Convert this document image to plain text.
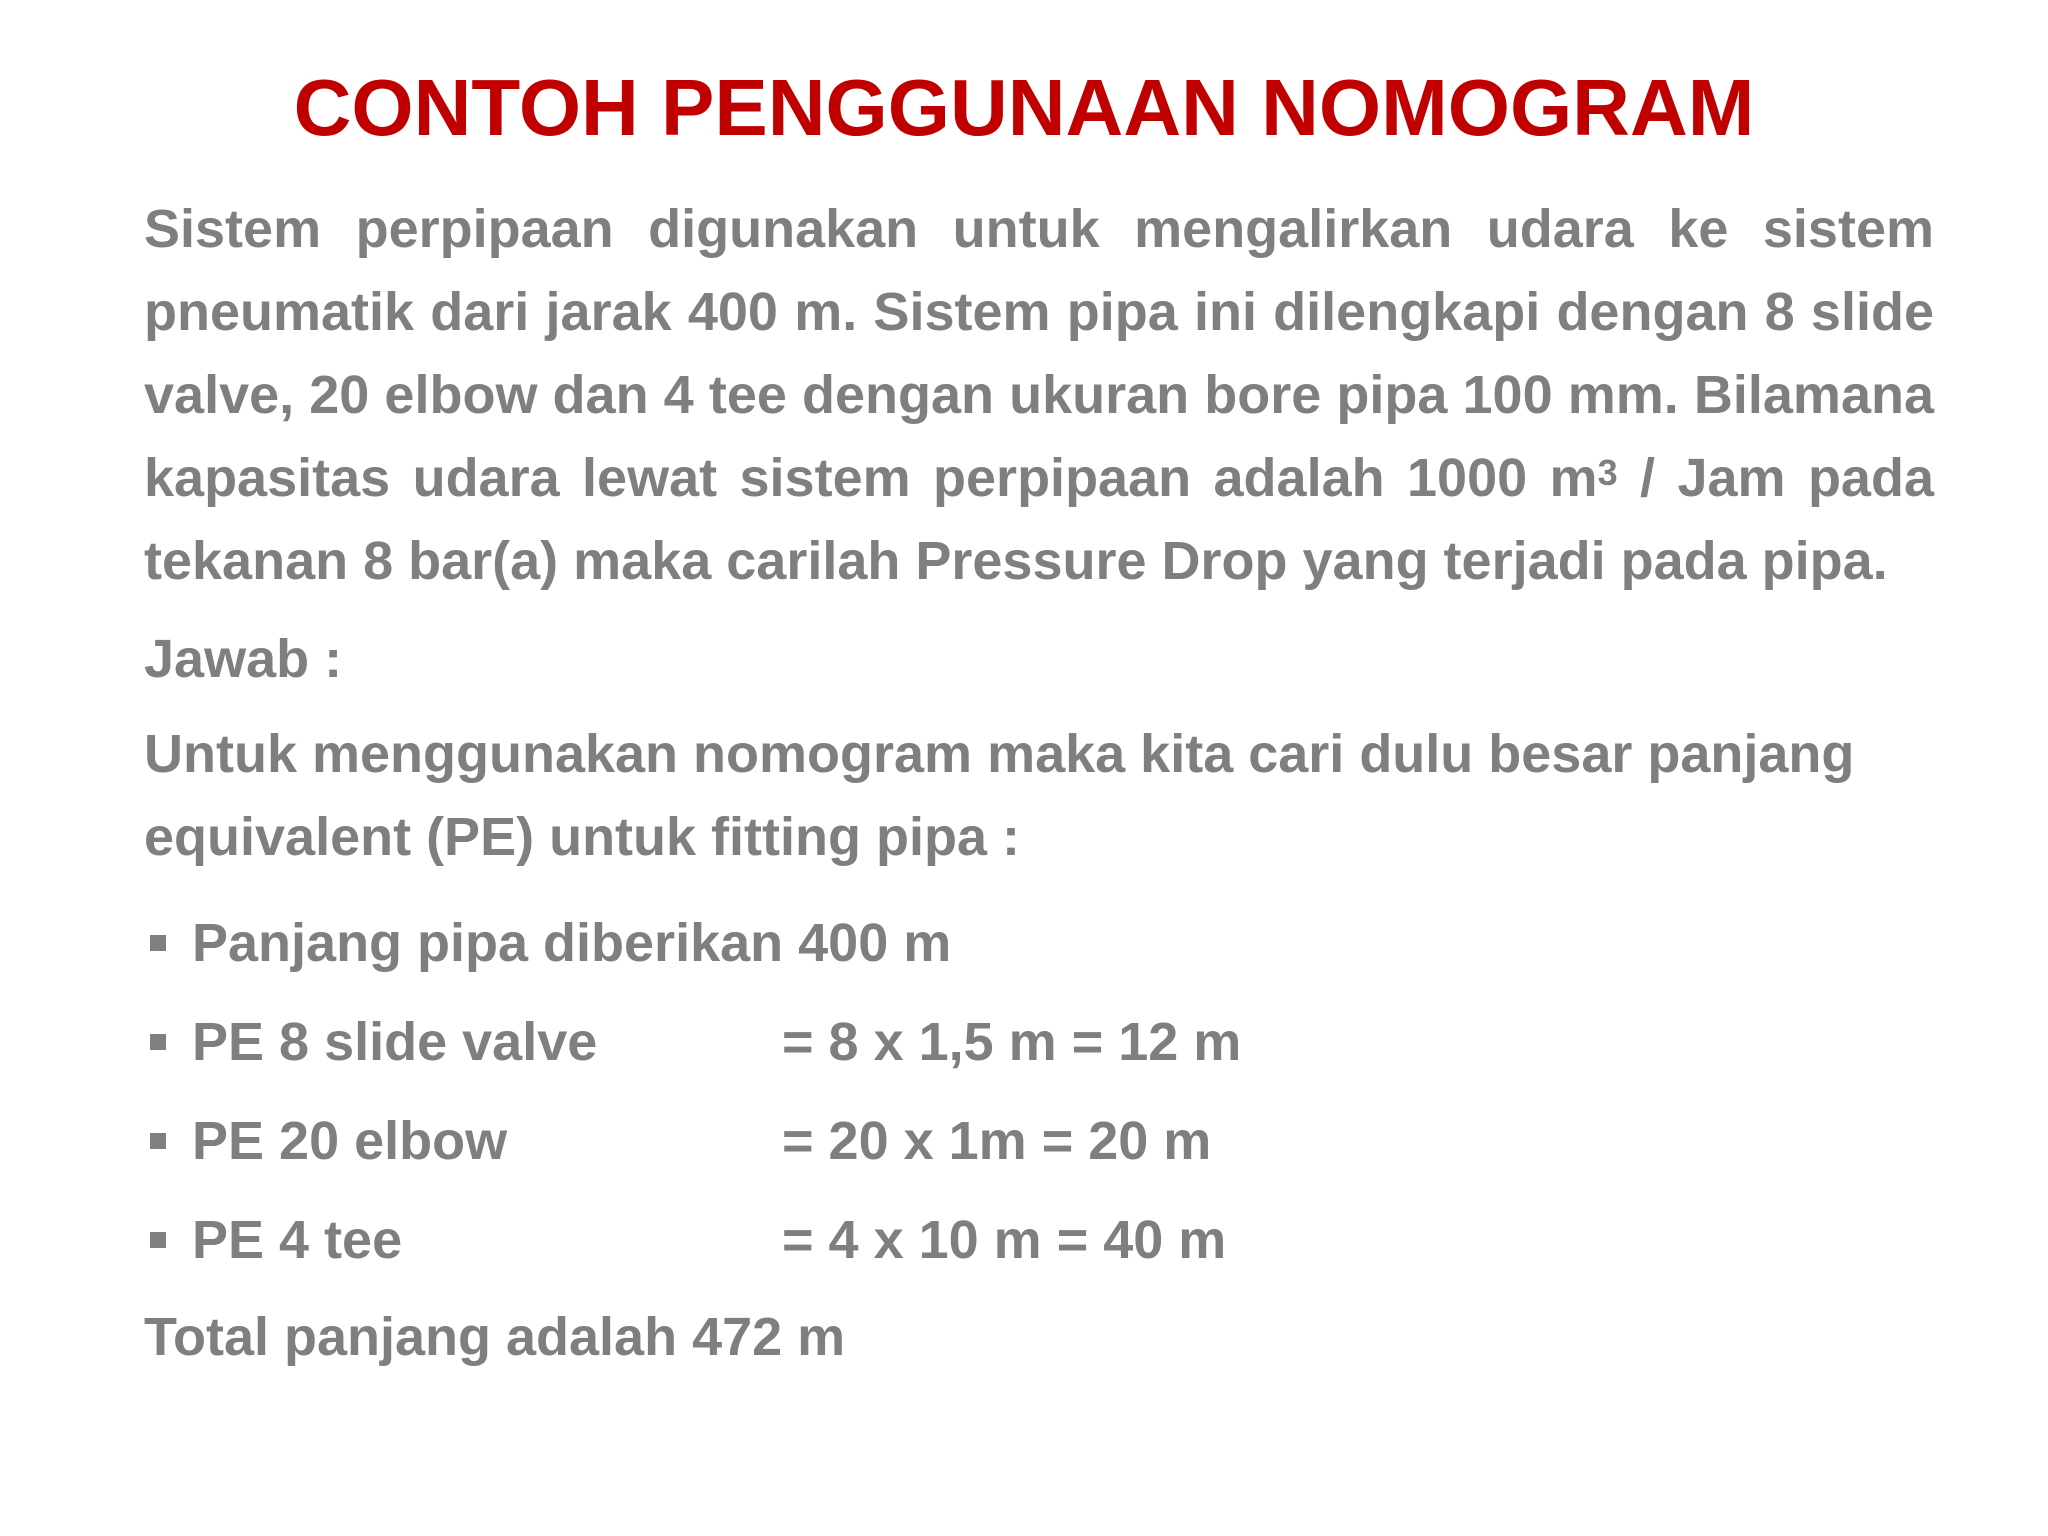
CONTOH PENGGUNAAN NOMOGRAM

Sistem perpipaan digunakan untuk mengalirkan udara ke sistem pneumatik dari jarak 400 m. Sistem pipa ini dilengkapi dengan 8 slide valve, 20 elbow dan 4 tee dengan ukuran bore pipa 100 mm. Bilamana kapasitas udara lewat sistem perpipaan adalah 1000 $m^3$ / Jam pada tekanan 8 bar(a) maka carilah Pressure Drop yang terjadi pada pipa.

Jawab :

Untuk menggunakan nomogram maka kita cari dulu besar panjang equivalent (PE) untuk fitting pipa :

Panjang pipa diberikan 400 m
PE 8 slide valve	= 8 x 1,5 m = 12 m
PE 20 elbow	= 20 x 1m = 20 m
PE 4 tee	= 4 x 10 m = 40 m

Total panjang adalah 472 m
